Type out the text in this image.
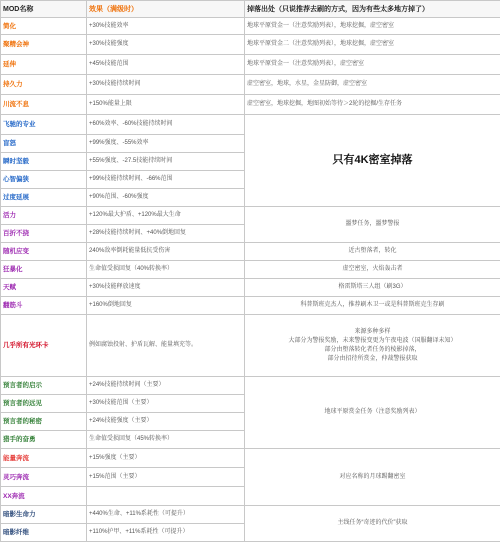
MOD名称	效果（满级时）	掉落出处（只说推荐去刷的方式，因为有些太多地方掉了）
简化	+30%技能效率	地球平原赏金一（注意奖励列表），地球挖掘，虚空密室
聚精会神	+30%技能强度	地球平原赏金二（注意奖励列表），地球挖掘，虚空密室
延伸	+45%技能范围	地球平原赏金一（注意奖励列表），虚空密室
持久力	+30%技能持续时间	虚空密室，地球，水星，金星防御，虚空密室
川流不息	+150%能量上限	虚空密室，地球挖掘，地图初始等待＞2轮的挖掘/生存任务
飞驰的专业	+60%效率、-60%技能持续时间	只有4K密室掉落
盲怒	+99%强度、-55%效率	
瞬时坚毅	+55%强度、-27.5技能持续时间	
心智偏狭	+99%技能持续时间、-66%范围	
过度延展	+90%范围、-60%强度	
活力	+120%最大护盾、+120%最大生命	噩梦任务，噩梦警报
百折不挠	+28%技能持续时间、+40%倒地回复	
随机应变	240%敌率倒耗能量低抗受伤害	近古堕落者，转化
狂暴化	生命值受损回复（40%转换率）	虚空密室，火焰轰击者
天赋	+30%技能释放速度	格雷斯塔三人组（刷3G）
翻筋斗	+160%倒地回复	科普斯班克杰人，推荐刷木卫一或是科普斯班克生存刷
几乎所有光环卡	例如腐蚀投射、护盾瓦解、能量填充等。	来源多种多样
大部分为警报奖励，未来警报变更为午夜电波（国服翻译未知）
部分由堕落转化者任务的棱影掉落，
部分由招待所赏金，仲裁警报获取

预言者的启示	+24%技能持续时间（主要）	地球平原赏金任务（注意奖励列表）
预言者的远见	+30%技能范围（主要）	
预言者的秘密	+24%技能强度（主要）	
猎手的奋勇	生命值受损回复（45%转换率）	
能量奔流	+15%强度（主要）	对应名称的月球踢翻密室
灵巧奔流	+15%范围（主要）	
XX奔流		
暗影生命力	+440%生命、+11%系耗性（可提升）	主线任务“奇迹的代价”获取
暗影纤维	+110%护甲、+11%系耗性（可提升）	
